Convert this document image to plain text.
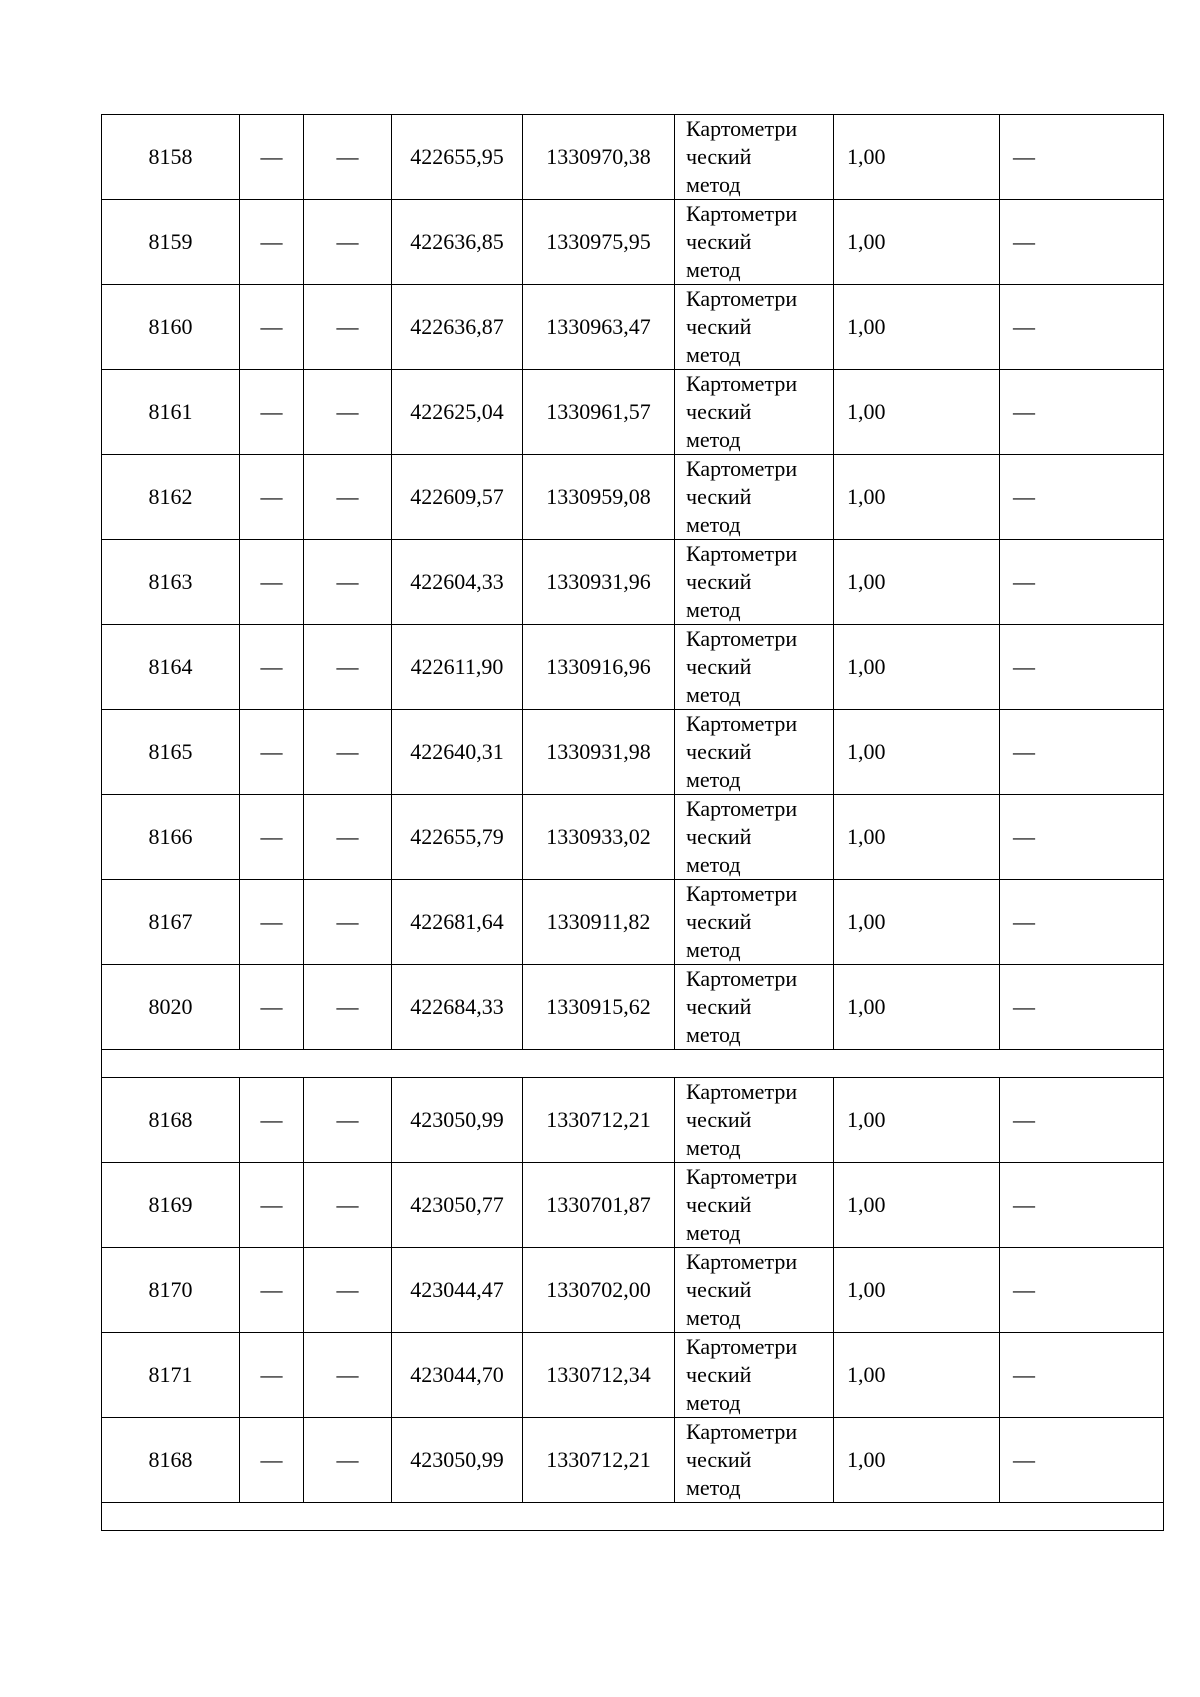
8158	—	—	422655,95	1330970,38	Картометри
ческий
метод	1,00	—
8159	—	—	422636,85	1330975,95	Картометри
ческий
метод	1,00	—
8160	—	—	422636,87	1330963,47	Картометри
ческий
метод	1,00	—
8161	—	—	422625,04	1330961,57	Картометри
ческий
метод	1,00	—
8162	—	—	422609,57	1330959,08	Картометри
ческий
метод	1,00	—
8163	—	—	422604,33	1330931,96	Картометри
ческий
метод	1,00	—
8164	—	—	422611,90	1330916,96	Картометри
ческий
метод	1,00	—
8165	—	—	422640,31	1330931,98	Картометри
ческий
метод	1,00	—
8166	—	—	422655,79	1330933,02	Картометри
ческий
метод	1,00	—
8167	—	—	422681,64	1330911,82	Картометри
ческий
метод	1,00	—
8020	—	—	422684,33	1330915,62	Картометри
ческий
метод	1,00	—

8168	—	—	423050,99	1330712,21	Картометри
ческий
метод	1,00	—
8169	—	—	423050,77	1330701,87	Картометри
ческий
метод	1,00	—
8170	—	—	423044,47	1330702,00	Картометри
ческий
метод	1,00	—
8171	—	—	423044,70	1330712,34	Картометри
ческий
метод	1,00	—
8168	—	—	423050,99	1330712,21	Картометри
ческий
метод	1,00	—
